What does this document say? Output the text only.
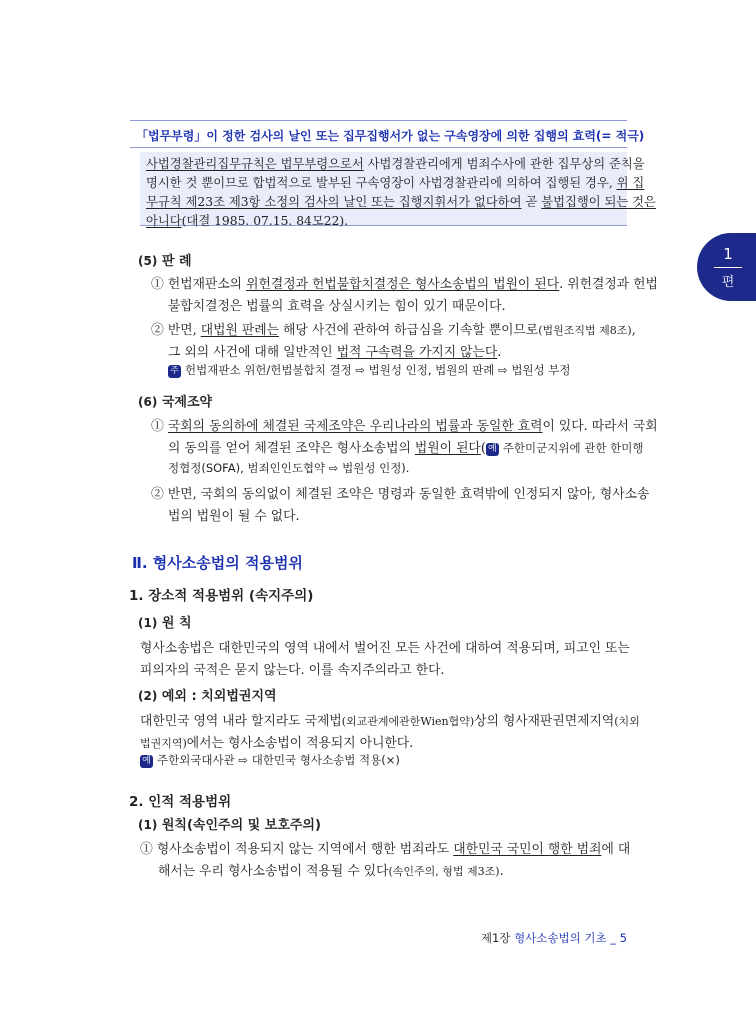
「법무부령」이 정한 검사의 날인 또는 집무집행서가 없는 구속영장에 의한 집행의 효력(= 적극)
사법경찰관리집무규칙은 법무부령으로서 사법경찰관리에게 범죄수사에 관한 집무상의 준칙을
명시한 것 뿐이므로 합법적으로 발부된 구속영장이 사법경찰관리에 의하여 집행된 경우, 위 집
무규칙 제23조 제3항 소정의 검사의 날인 또는 집행지휘서가 없다하여 곧 불법집행이 되는 것은
아니다(대결 1985. 07.15. 84모22).
1
편
(5) 판 례
① 헌법재판소의 위헌결정과 헌법불합치결정은 형사소송법의 법원이 된다. 위헌결정과 헌법
불합치결정은 법률의 효력을 상실시키는 힘이 있기 때문이다.
② 반면, 대법원 판례는 해당 사건에 관하여 하급심을 기속할 뿐이므로(법원조직법 제8조),
그 외의 사건에 대해 일반적인 법적 구속력을 가지지 않는다.
주 헌법재판소 위헌/헌법불합치 결정 ⇨ 법원성 인정, 법원의 판례 ⇨ 법원성 부정
(6) 국제조약
① 국회의 동의하에 체결된 국제조약은 우리나라의 법률과 동일한 효력이 있다. 따라서 국회
의 동의를 얻어 체결된 조약은 형사소송법의 법원이 된다( 예 주한미군지위에 관한 한미행
정협정(SOFA), 범죄인인도협약 ⇨ 법원성 인정).
② 반면, 국회의 동의없이 체결된 조약은 명령과 동일한 효력밖에 인정되지 않아, 형사소송
법의 법원이 될 수 없다.
Ⅱ. 형사소송법의 적용범위
1. 장소적 적용범위 (속지주의)
(1) 원 칙
형사소송법은 대한민국의 영역 내에서 벌어진 모든 사건에 대하여 적용되며, 피고인 또는
피의자의 국적은 묻지 않는다. 이를 속지주의라고 한다.
(2) 예외 : 치외법권지역
대한민국 영역 내라 할지라도 국제법(외교관계에관한Wien협약)상의 형사재판권면제지역(치외
법권지역)에서는 형사소송법이 적용되지 아니한다.
예 주한외국대사관 ⇨ 대한민국 형사소송법 적용(×)
2. 인적 적용범위
(1) 원칙(속인주의 및 보호주의)
① 형사소송법이 적용되지 않는 지역에서 행한 범죄라도 대한민국 국민이 행한 범죄에 대
해서는 우리 형사소송법이 적용될 수 있다(속인주의, 형법 제3조).
제1장 형사소송법의 기초 _ 5
